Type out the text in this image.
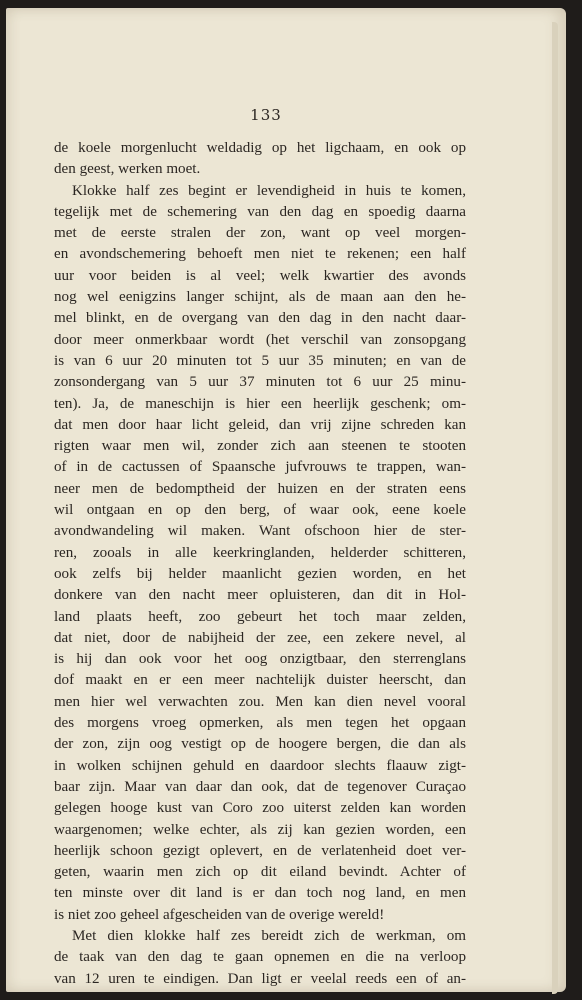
133
de koele morgenlucht weldadig op het ligchaam, en ook op
den geest, werken moet.
Klokke half zes begint er levendigheid in huis te komen,
tegelijk met de schemering van den dag en spoedig daarna
met de eerste stralen der zon, want op veel morgen-
en avondschemering behoeft men niet te rekenen; een half
uur voor beiden is al veel; welk kwartier des avonds
nog wel eenigzins langer schijnt, als de maan aan den he-
mel blinkt, en de overgang van den dag in den nacht daar-
door meer onmerkbaar wordt (het verschil van zonsopgang
is van 6 uur 20 minuten tot 5 uur 35 minuten; en van de
zonsondergang van 5 uur 37 minuten tot 6 uur 25 minu-
ten). Ja, de maneschijn is hier een heerlijk geschenk; om-
dat men door haar licht geleid, dan vrij zijne schreden kan
rigten waar men wil, zonder zich aan steenen te stooten
of in de cactussen of Spaansche jufvrouws te trappen, wan-
neer men de bedomptheid der huizen en der straten eens
wil ontgaan en op den berg, of waar ook, eene koele
avondwandeling wil maken. Want ofschoon hier de ster-
ren, zooals in alle keerkringlanden, helderder schitteren,
ook zelfs bij helder maanlicht gezien worden, en het
donkere van den nacht meer opluisteren, dan dit in Hol-
land plaats heeft, zoo gebeurt het toch maar zelden,
dat niet, door de nabijheid der zee, een zekere nevel, al
is hij dan ook voor het oog onzigtbaar, den sterrenglans
dof maakt en er een meer nachtelijk duister heerscht, dan
men hier wel verwachten zou. Men kan dien nevel vooral
des morgens vroeg opmerken, als men tegen het opgaan
der zon, zijn oog vestigt op de hoogere bergen, die dan als
in wolken schijnen gehuld en daardoor slechts flaauw zigt-
baar zijn. Maar van daar dan ook, dat de tegenover Curaçao
gelegen hooge kust van Coro zoo uiterst zelden kan worden
waargenomen; welke echter, als zij kan gezien worden, een
heerlijk schoon gezigt oplevert, en de verlatenheid doet ver-
geten, waarin men zich op dit eiland bevindt. Achter of
ten minste over dit land is er dan toch nog land, en men
is niet zoo geheel afgescheiden van de overige wereld!
Met dien klokke half zes bereidt zich de werkman, om
de taak van den dag te gaan opnemen en die na verloop
van 12 uren te eindigen. Dan ligt er veelal reeds een of an-
